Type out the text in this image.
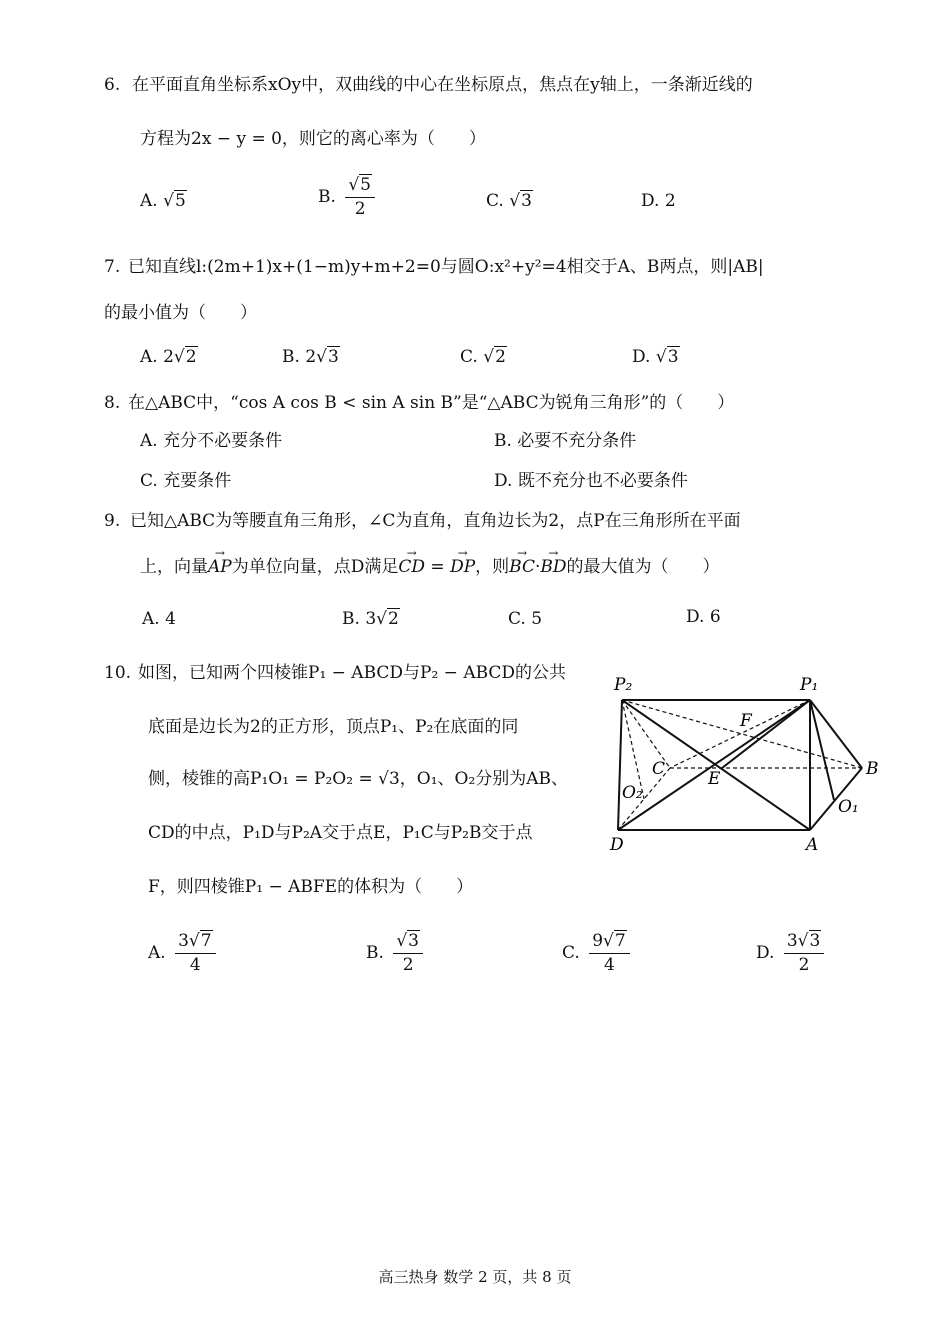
6. 在平面直角坐标系xOy中，双曲线的中心在坐标原点，焦点在y轴上，一条渐近线的
方程为2x − y = 0，则它的离心率为（　　）
A. √5	B. $\frac{√5}{2}$	C. √3	D. 2
7. 已知直线l:(2m+1)x+(1−m)y+m+2=0与圆O:x²+y²=4相交于A、B两点，则|AB|
的最小值为（　　）
A. 2√2	B. 2√3	C. √2	D. √3
8. 在△ABC中，“cos A cos B < sin A sin B”是“△ABC为锐角三角形”的（　　）
A. 充分不必要条件	B. 必要不充分条件
C. 充要条件	D. 既不充分也不必要条件
9. 已知△ABC为等腰直角三角形，∠C为直角，直角边长为2，点P在三角形所在平面
上，向量→ AP为单位向量，点D满足→ CD = → DP，则→ BC·→ BD的最大值为（　　）
A. 4	B. 3√2	C. 5	D. 6
10. 如图，已知两个四棱锥P₁ − ABCD与P₂ − ABCD的公共
底面是边长为2的正方形，顶点P₁、P₂在底面的同
侧，棱锥的高P₁O₁ = P₂O₂ = √3，O₁、O₂分别为AB、
CD的中点，P₁D与P₂A交于点E，P₁C与P₂B交于点
F，则四棱锥P₁ − ABFE的体积为（　　）
P₂	P₁
F
C	E	B
O₂
O₁
D	A
A. $\frac{3√7}{4}$	B. $\frac{√3}{2}$	C. $\frac{9√7}{4}$	D. $\frac{3√3}{2}$
高三热身 数学 2 页，共 8 页
